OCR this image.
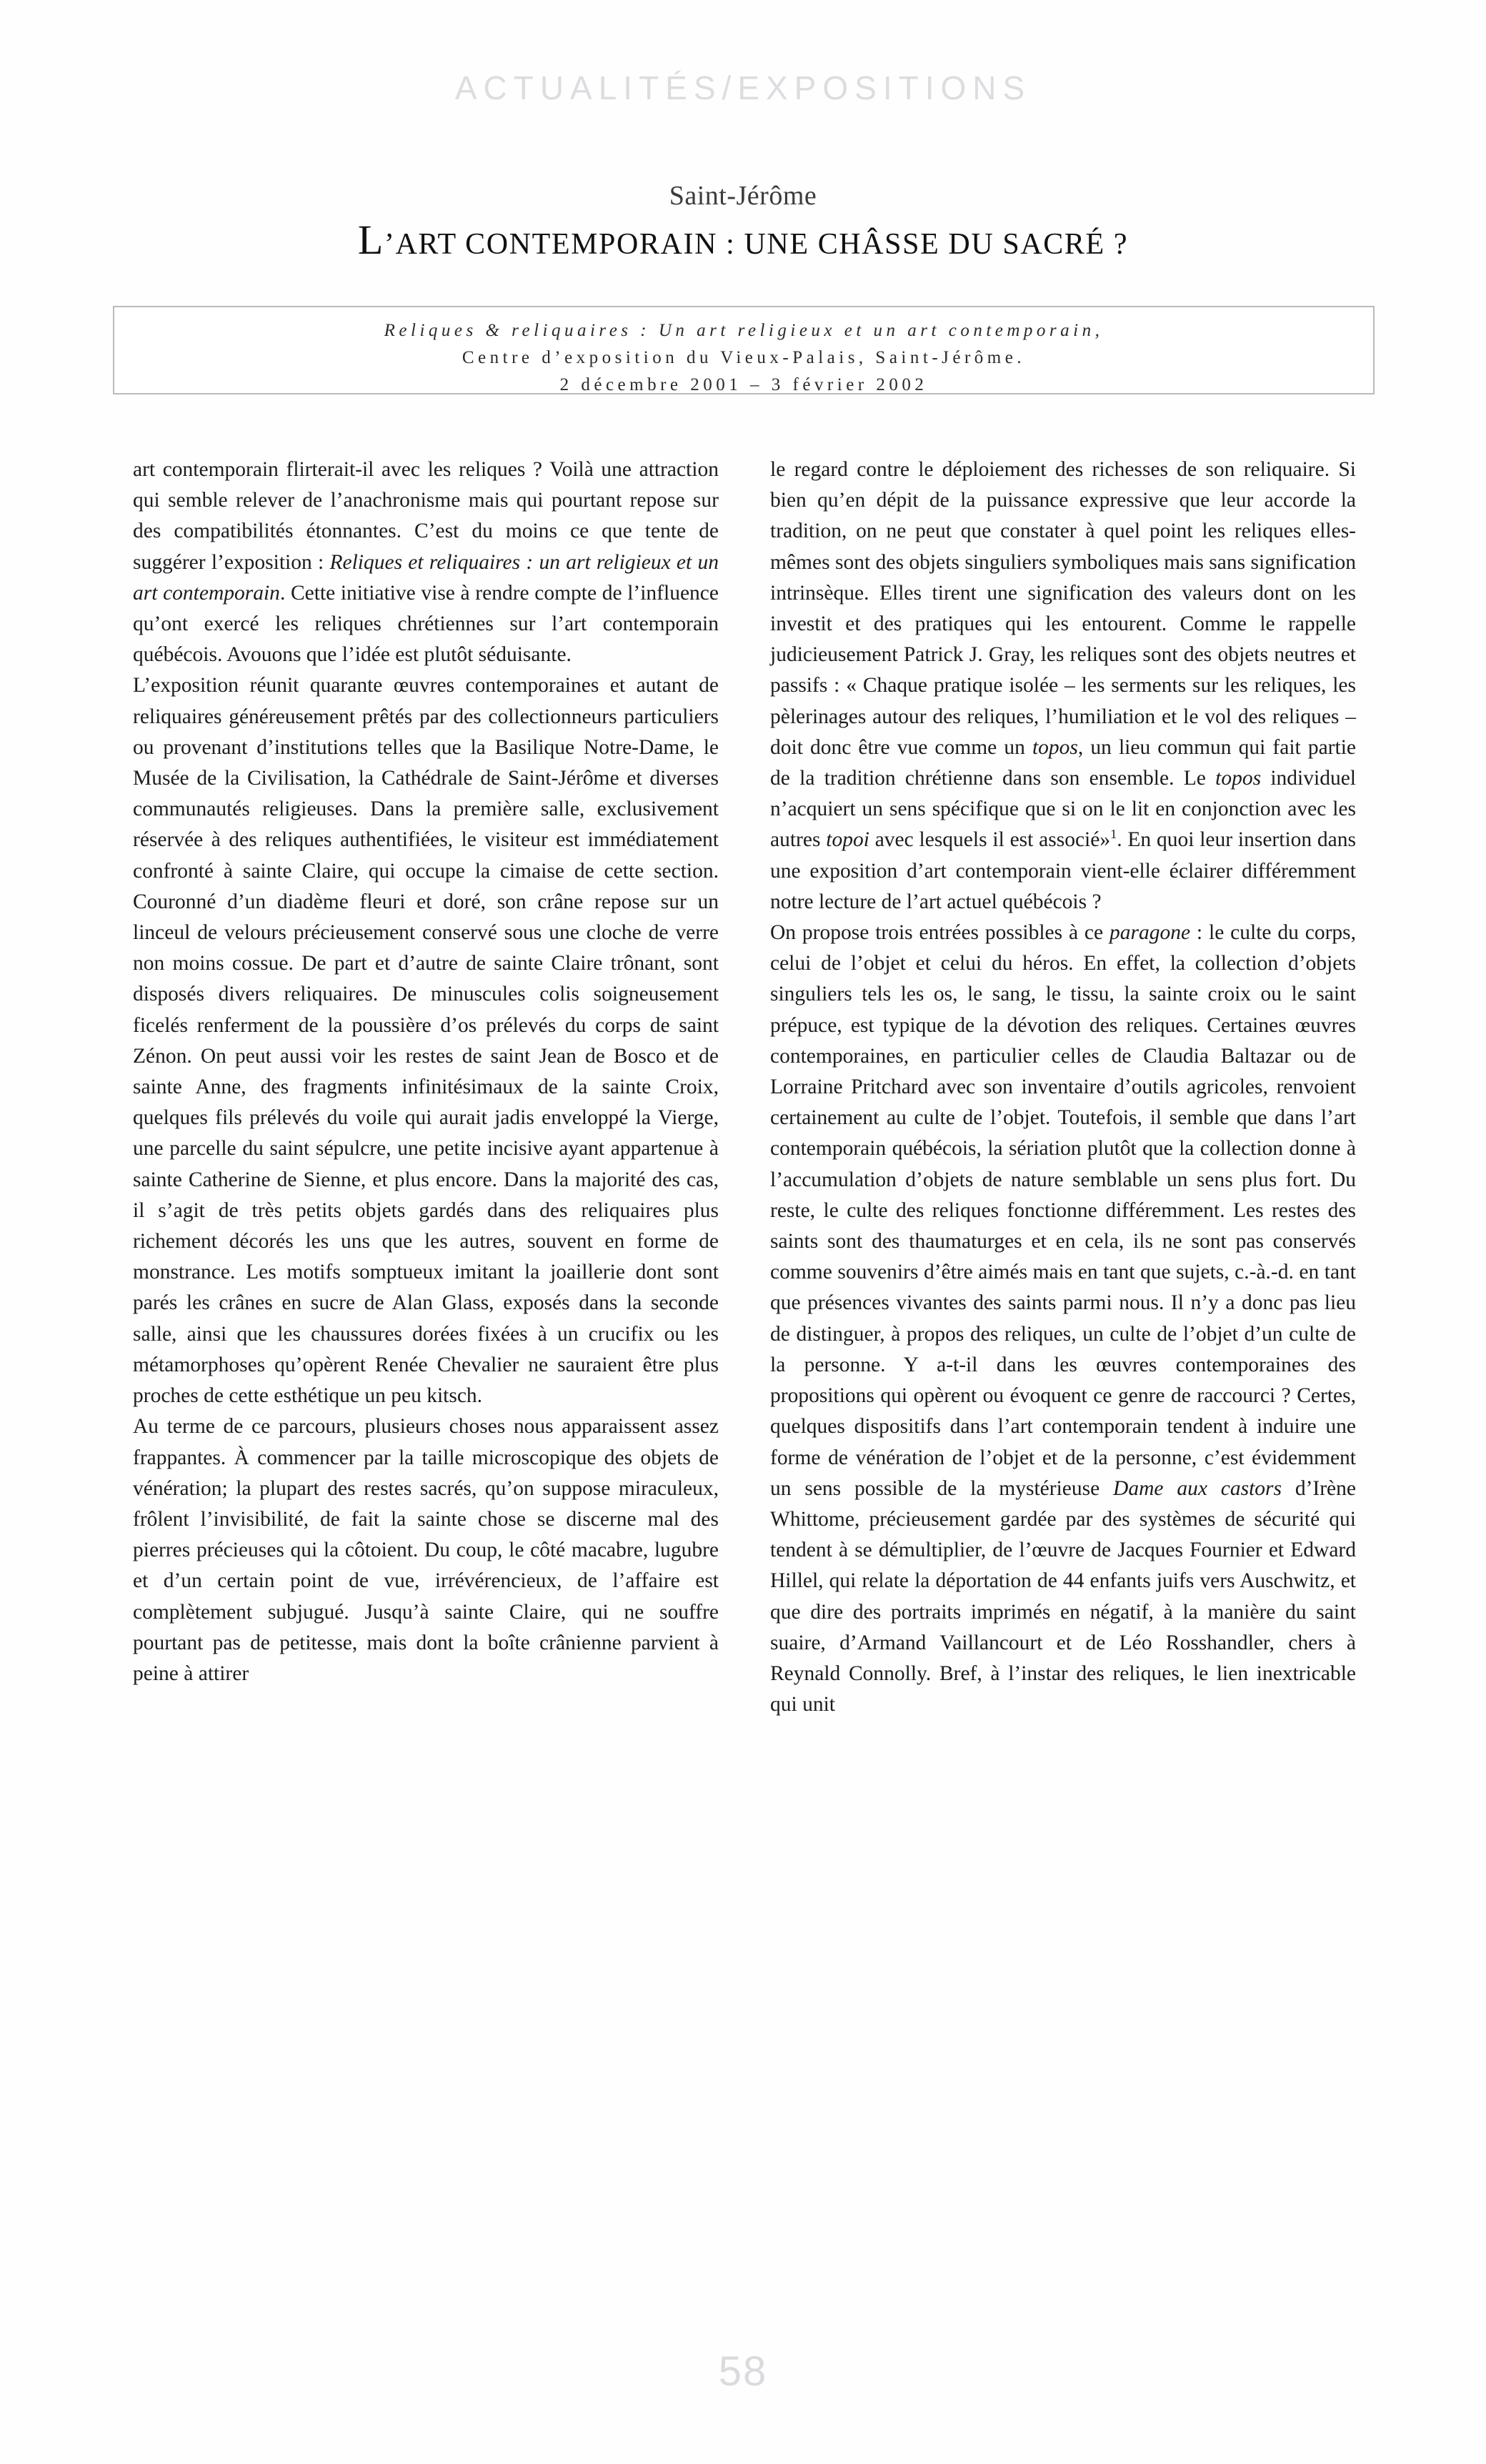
ACTUALITÉS/EXPOSITIONS
Saint-Jérôme
L’ART CONTEMPORAIN : UNE CHÂSSE DU SACRÉ ?
Reliques & reliquaires : Un art religieux et un art contemporain,
Centre d’exposition du Vieux-Palais, Saint-Jérôme.
2 décembre 2001 – 3 février 2002

art contemporain flirterait-il avec les reliques ? Voilà une attraction qui semble relever de l’anachronisme mais qui pourtant repose sur des compatibilités étonnantes. C’est du moins ce que tente de suggérer l’exposition : Reliques et reliquaires : un art religieux et un art contemporain. Cette initiative vise à rendre compte de l’influence qu’ont exercé les reliques chrétiennes sur l’art contemporain québécois. Avouons que l’idée est plutôt séduisante.

L’exposition réunit quarante œuvres contemporaines et autant de reliquaires généreusement prêtés par des collectionneurs particuliers ou provenant d’institutions telles que la Basilique Notre-Dame, le Musée de la Civilisation, la Cathédrale de Saint-Jérôme et diverses communautés religieuses. Dans la première salle, exclusivement réservée à des reliques authentifiées, le visiteur est immédiatement confronté à sainte Claire, qui occupe la cimaise de cette section. Couronné d’un diadème fleuri et doré, son crâne repose sur un linceul de velours précieusement conservé sous une cloche de verre non moins cossue. De part et d’autre de sainte Claire trônant, sont disposés divers reliquaires. De minuscules colis soigneusement ficelés renferment de la poussière d’os prélevés du corps de saint Zénon. On peut aussi voir les restes de saint Jean de Bosco et de sainte Anne, des fragments infinitésimaux de la sainte Croix, quelques fils prélevés du voile qui aurait jadis enveloppé la Vierge, une parcelle du saint sépulcre, une petite incisive ayant appartenue à sainte Catherine de Sienne, et plus encore. Dans la majorité des cas, il s’agit de très petits objets gardés dans des reliquaires plus richement décorés les uns que les autres, souvent en forme de monstrance. Les motifs somptueux imitant la joaillerie dont sont parés les crânes en sucre de Alan Glass, exposés dans la seconde salle, ainsi que les chaussures dorées fixées à un crucifix ou les métamorphoses qu’opèrent Renée Chevalier ne sauraient être plus proches de cette esthétique un peu kitsch.

Au terme de ce parcours, plusieurs choses nous apparaissent assez frappantes. À commencer par la taille microscopique des objets de vénération; la plupart des restes sacrés, qu’on suppose miraculeux, frôlent l’invisibilité, de fait la sainte chose se discerne mal des pierres précieuses qui la côtoient. Du coup, le côté macabre, lugubre et d’un certain point de vue, irrévérencieux, de l’affaire est complètement subjugué. Jusqu’à sainte Claire, qui ne souffre pourtant pas de petitesse, mais dont la boîte crânienne parvient à peine à attirer

le regard contre le déploiement des richesses de son reliquaire. Si bien qu’en dépit de la puissance expressive que leur accorde la tradition, on ne peut que constater à quel point les reliques elles-mêmes sont des objets singuliers symboliques mais sans signification intrinsèque. Elles tirent une signification des valeurs dont on les investit et des pratiques qui les entourent. Comme le rappelle judicieusement Patrick J. Gray, les reliques sont des objets neutres et passifs : « Chaque pratique isolée – les serments sur les reliques, les pèlerinages autour des reliques, l’humiliation et le vol des reliques – doit donc être vue comme un topos, un lieu commun qui fait partie de la tradition chrétienne dans son ensemble. Le topos individuel n’acquiert un sens spécifique que si on le lit en conjonction avec les autres topoi avec lesquels il est associé»$^1$. En quoi leur insertion dans une exposition d’art contemporain vient-elle éclairer différemment notre lecture de l’art actuel québécois ?

On propose trois entrées possibles à ce paragone : le culte du corps, celui de l’objet et celui du héros. En effet, la collection d’objets singuliers tels les os, le sang, le tissu, la sainte croix ou le saint prépuce, est typique de la dévotion des reliques. Certaines œuvres contemporaines, en particulier celles de Claudia Baltazar ou de Lorraine Pritchard avec son inventaire d’outils agricoles, renvoient certainement au culte de l’objet. Toutefois, il semble que dans l’art contemporain québécois, la sériation plutôt que la collection donne à l’accumulation d’objets de nature semblable un sens plus fort. Du reste, le culte des reliques fonctionne différemment. Les restes des saints sont des thaumaturges et en cela, ils ne sont pas conservés comme souvenirs d’être aimés mais en tant que sujets, c.-à.-d. en tant que présences vivantes des saints parmi nous. Il n’y a donc pas lieu de distinguer, à propos des reliques, un culte de l’objet d’un culte de la personne. Y a-t-il dans les œuvres contemporaines des propositions qui opèrent ou évoquent ce genre de raccourci ? Certes, quelques dispositifs dans l’art contemporain tendent à induire une forme de vénération de l’objet et de la personne, c’est évidemment un sens possible de la mystérieuse Dame aux castors d’Irène Whittome, précieusement gardée par des systèmes de sécurité qui tendent à se démultiplier, de l’œuvre de Jacques Fournier et Edward Hillel, qui relate la déportation de 44 enfants juifs vers Auschwitz, et que dire des portraits imprimés en négatif, à la manière du saint suaire, d’Armand Vaillancourt et de Léo Rosshandler, chers à Reynald Connolly. Bref, à l’instar des reliques, le lien inextricable qui unit

58
